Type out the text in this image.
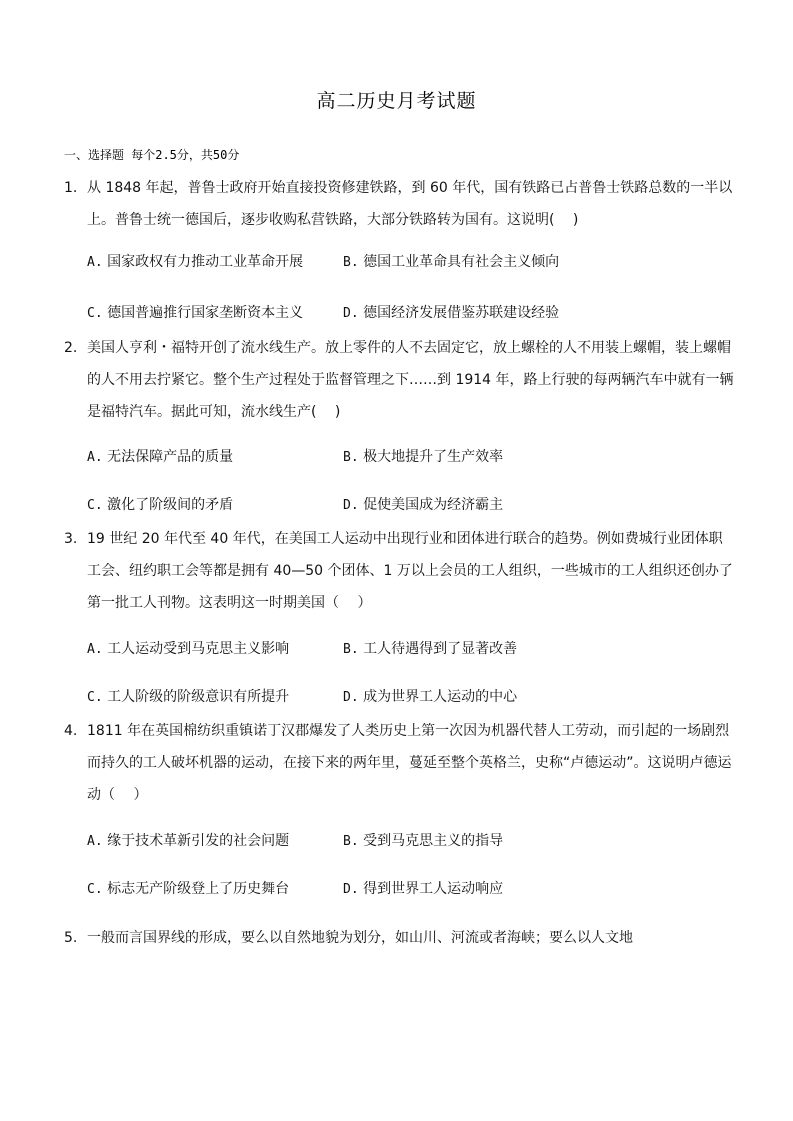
高二历史月考试题
一、选择题 每个2.5分，共50分
1. 从 1848 年起，普鲁士政府开始直接投资修建铁路，到 60 年代，国有铁路已占普鲁士铁路总数的一半以上。普鲁士统一德国后，逐步收购私营铁路，大部分铁路转为国有。这说明(　 )
A. 国家政权有力推动工业革命开展	B. 德国工业革命具有社会主义倾向
C. 德国普遍推行国家垄断资本主义	D. 德国经济发展借鉴苏联建设经验
2. 美国人亨利・福特开创了流水线生产。放上零件的人不去固定它，放上螺栓的人不用装上螺帽，装上螺帽的人不用去拧紧它。整个生产过程处于监督管理之下……到 1914 年，路上行驶的每两辆汽车中就有一辆是福特汽车。据此可知，流水线生产(　 )
A. 无法保障产品的质量	B. 极大地提升了生产效率
C. 激化了阶级间的矛盾	D. 促使美国成为经济霸主
3. 19 世纪 20 年代至 40 年代，在美国工人运动中出现行业和团体进行联合的趋势。例如费城行业团体职工会、纽约职工会等都是拥有 40—50 个团体、1 万以上会员的工人组织，一些城市的工人组织还创办了第一批工人刊物。这表明这一时期美国（　 ）
A. 工人运动受到马克思主义影响	B. 工人待遇得到了显著改善
C. 工人阶级的阶级意识有所提升	D. 成为世界工人运动的中心
4. 1811 年在英国棉纺织重镇诺丁汉郡爆发了人类历史上第一次因为机器代替人工劳动，而引起的一场剧烈而持久的工人破坏机器的运动，在接下来的两年里，蔓延至整个英格兰，史称“卢德运动”。这说明卢德运动（　 ）
A. 缘于技术革新引发的社会问题	B. 受到马克思主义的指导
C. 标志无产阶级登上了历史舞台	D. 得到世界工人运动响应
5. 一般而言国界线的形成，要么以自然地貌为划分，如山川、河流或者海峡；要么以人文地
